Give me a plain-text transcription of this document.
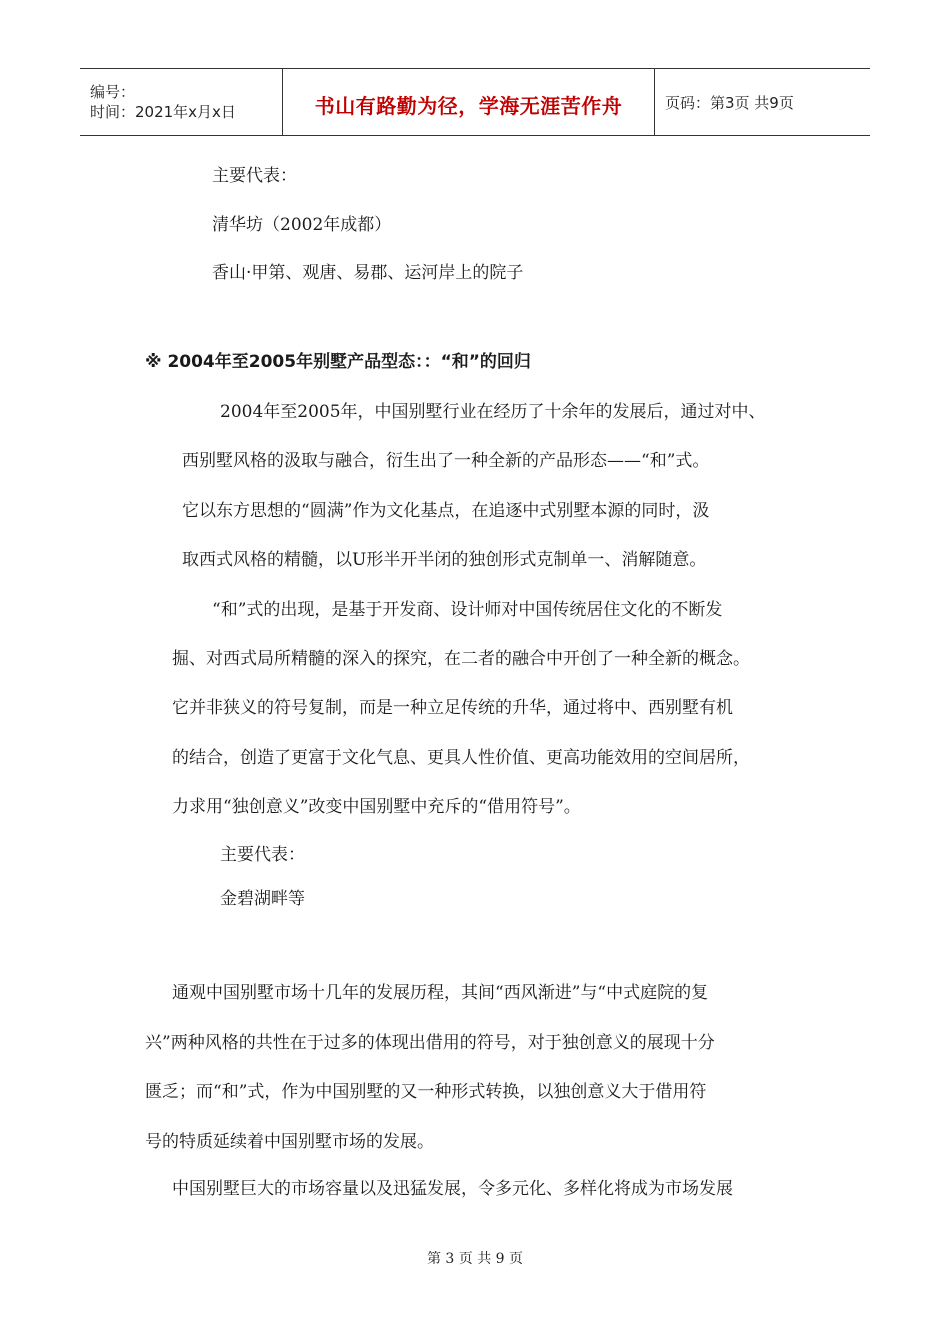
编号：
时间：2021年x月x日	书山有路勤为径，学海无涯苦作舟	页码：第3页 共9页
主要代表：
清华坊（2002年成都）
香山·甲第、观唐、易郡、运河岸上的院子
※ 2004年至2005年别墅产品型态：：“和”的回归
2004年至2005年，中国别墅行业在经历了十余年的发展后，通过对中、
西别墅风格的汲取与融合，衍生出了一种全新的产品形态——“和”式。
它以东方思想的“圆满”作为文化基点，在追逐中式别墅本源的同时，汲
取西式风格的精髓，以U形半开半闭的独创形式克制单一、消解随意。
“和”式的出现，是基于开发商、设计师对中国传统居住文化的不断发
掘、对西式局所精髓的深入的探究，在二者的融合中开创了一种全新的概念。
它并非狭义的符号复制，而是一种立足传统的升华，通过将中、西别墅有机
的结合，创造了更富于文化气息、更具人性价值、更高功能效用的空间居所，
力求用“独创意义”改变中国别墅中充斥的“借用符号”。
主要代表：
金碧湖畔等
通观中国别墅市场十几年的发展历程，其间“西风渐进”与“中式庭院的复
兴”两种风格的共性在于过多的体现出借用的符号，对于独创意义的展现十分
匮乏；而“和”式，作为中国别墅的又一种形式转换，以独创意义大于借用符
号的特质延续着中国别墅市场的发展。
中国别墅巨大的市场容量以及迅猛发展，令多元化、多样化将成为市场发展
第 3 页 共 9 页
